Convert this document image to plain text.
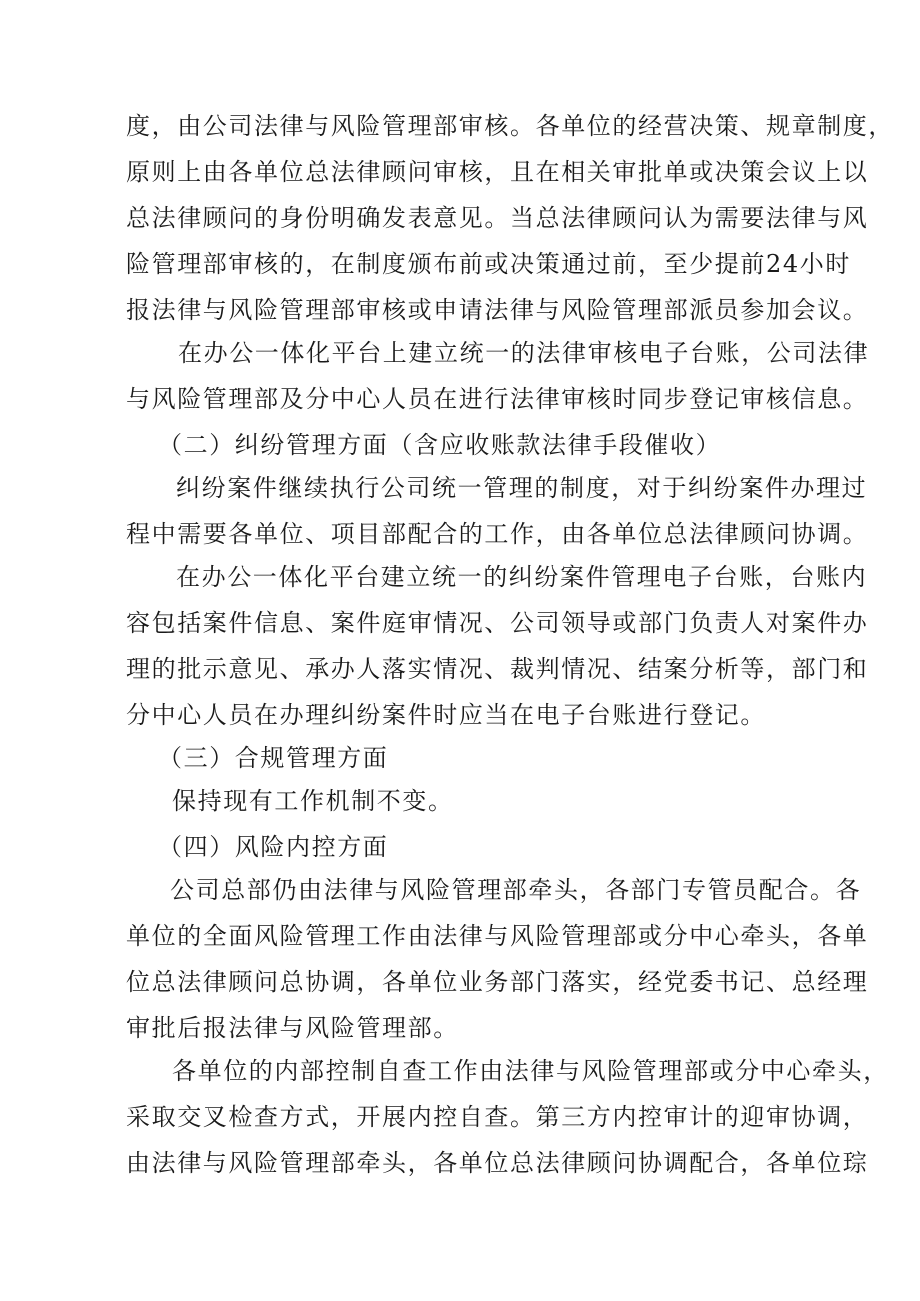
度，由公司法律与风险管理部审核。各单位的经营决策、规章制度，
原则上由各单位总法律顾问审核，且在相关审批单或决策会议上以
总法律顾问的身份明确发表意见。当总法律顾问认为需要法律与风
险管理部审核的，在制度颁布前或决策通过前，至少提前24小时
报法律与风险管理部审核或申请法律与风险管理部派员参加会议。
在办公一体化平台上建立统一的法律审核电子台账，公司法律
与风险管理部及分中心人员在进行法律审核时同步登记审核信息。
（二）纠纷管理方面（含应收账款法律手段催收）
纠纷案件继续执行公司统一管理的制度，对于纠纷案件办理过
程中需要各单位、项目部配合的工作，由各单位总法律顾问协调。
在办公一体化平台建立统一的纠纷案件管理电子台账，台账内
容包括案件信息、案件庭审情况、公司领导或部门负责人对案件办
理的批示意见、承办人落实情况、裁判情况、结案分析等，部门和
分中心人员在办理纠纷案件时应当在电子台账进行登记。
（三）合规管理方面
保持现有工作机制不变。
（四）风险内控方面
公司总部仍由法律与风险管理部牵头，各部门专管员配合。各
单位的全面风险管理工作由法律与风险管理部或分中心牵头，各单
位总法律顾问总协调，各单位业务部门落实，经党委书记、总经理
审批后报法律与风险管理部。
各单位的内部控制自查工作由法律与风险管理部或分中心牵头，
采取交叉检查方式，开展内控自查。第三方内控审计的迎审协调，
由法律与风险管理部牵头，各单位总法律顾问协调配合，各单位琮
